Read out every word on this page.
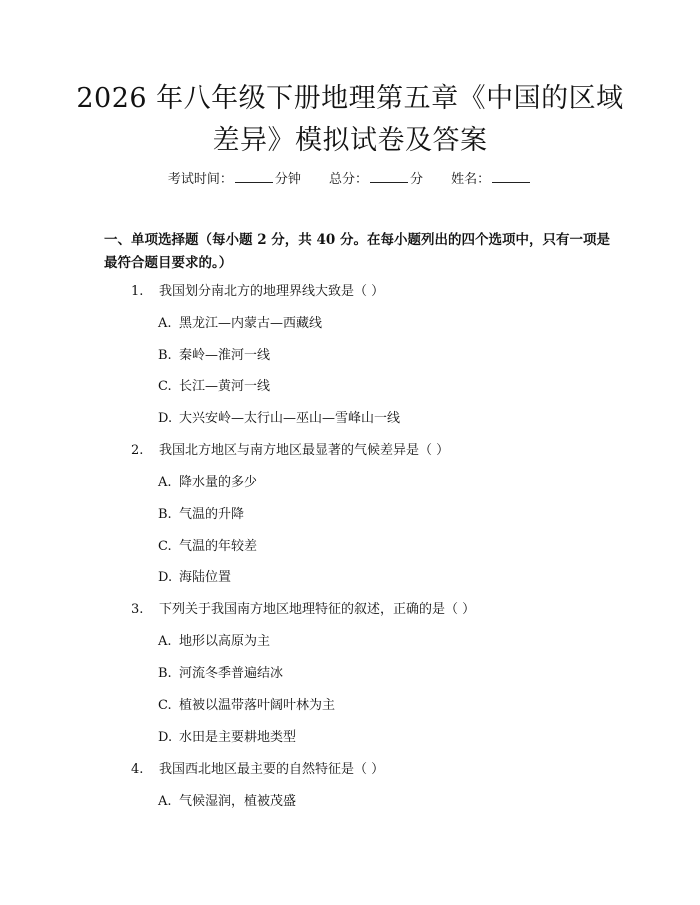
2026 年八年级下册地理第五章《中国的区域
差异》模拟试卷及答案
考试时间：	分钟 总分：	分 姓名：
一、单项选择题（每小题 2 分，共 40 分。在每小题列出的四个选项中，只有一项是最符合题目要求的。）
1. 我国划分南北方的地理界线大致是（ ）
A. 黑龙江—内蒙古—西藏线
B. 秦岭—淮河一线
C. 长江—黄河一线
D. 大兴安岭—太行山—巫山—雪峰山一线
2. 我国北方地区与南方地区最显著的气候差异是（ ）
A. 降水量的多少
B. 气温的升降
C. 气温的年较差
D. 海陆位置
3. 下列关于我国南方地区地理特征的叙述，正确的是（ ）
A. 地形以高原为主
B. 河流冬季普遍结冰
C. 植被以温带落叶阔叶林为主
D. 水田是主要耕地类型
4. 我国西北地区最主要的自然特征是（ ）
A. 气候湿润，植被茂盛
